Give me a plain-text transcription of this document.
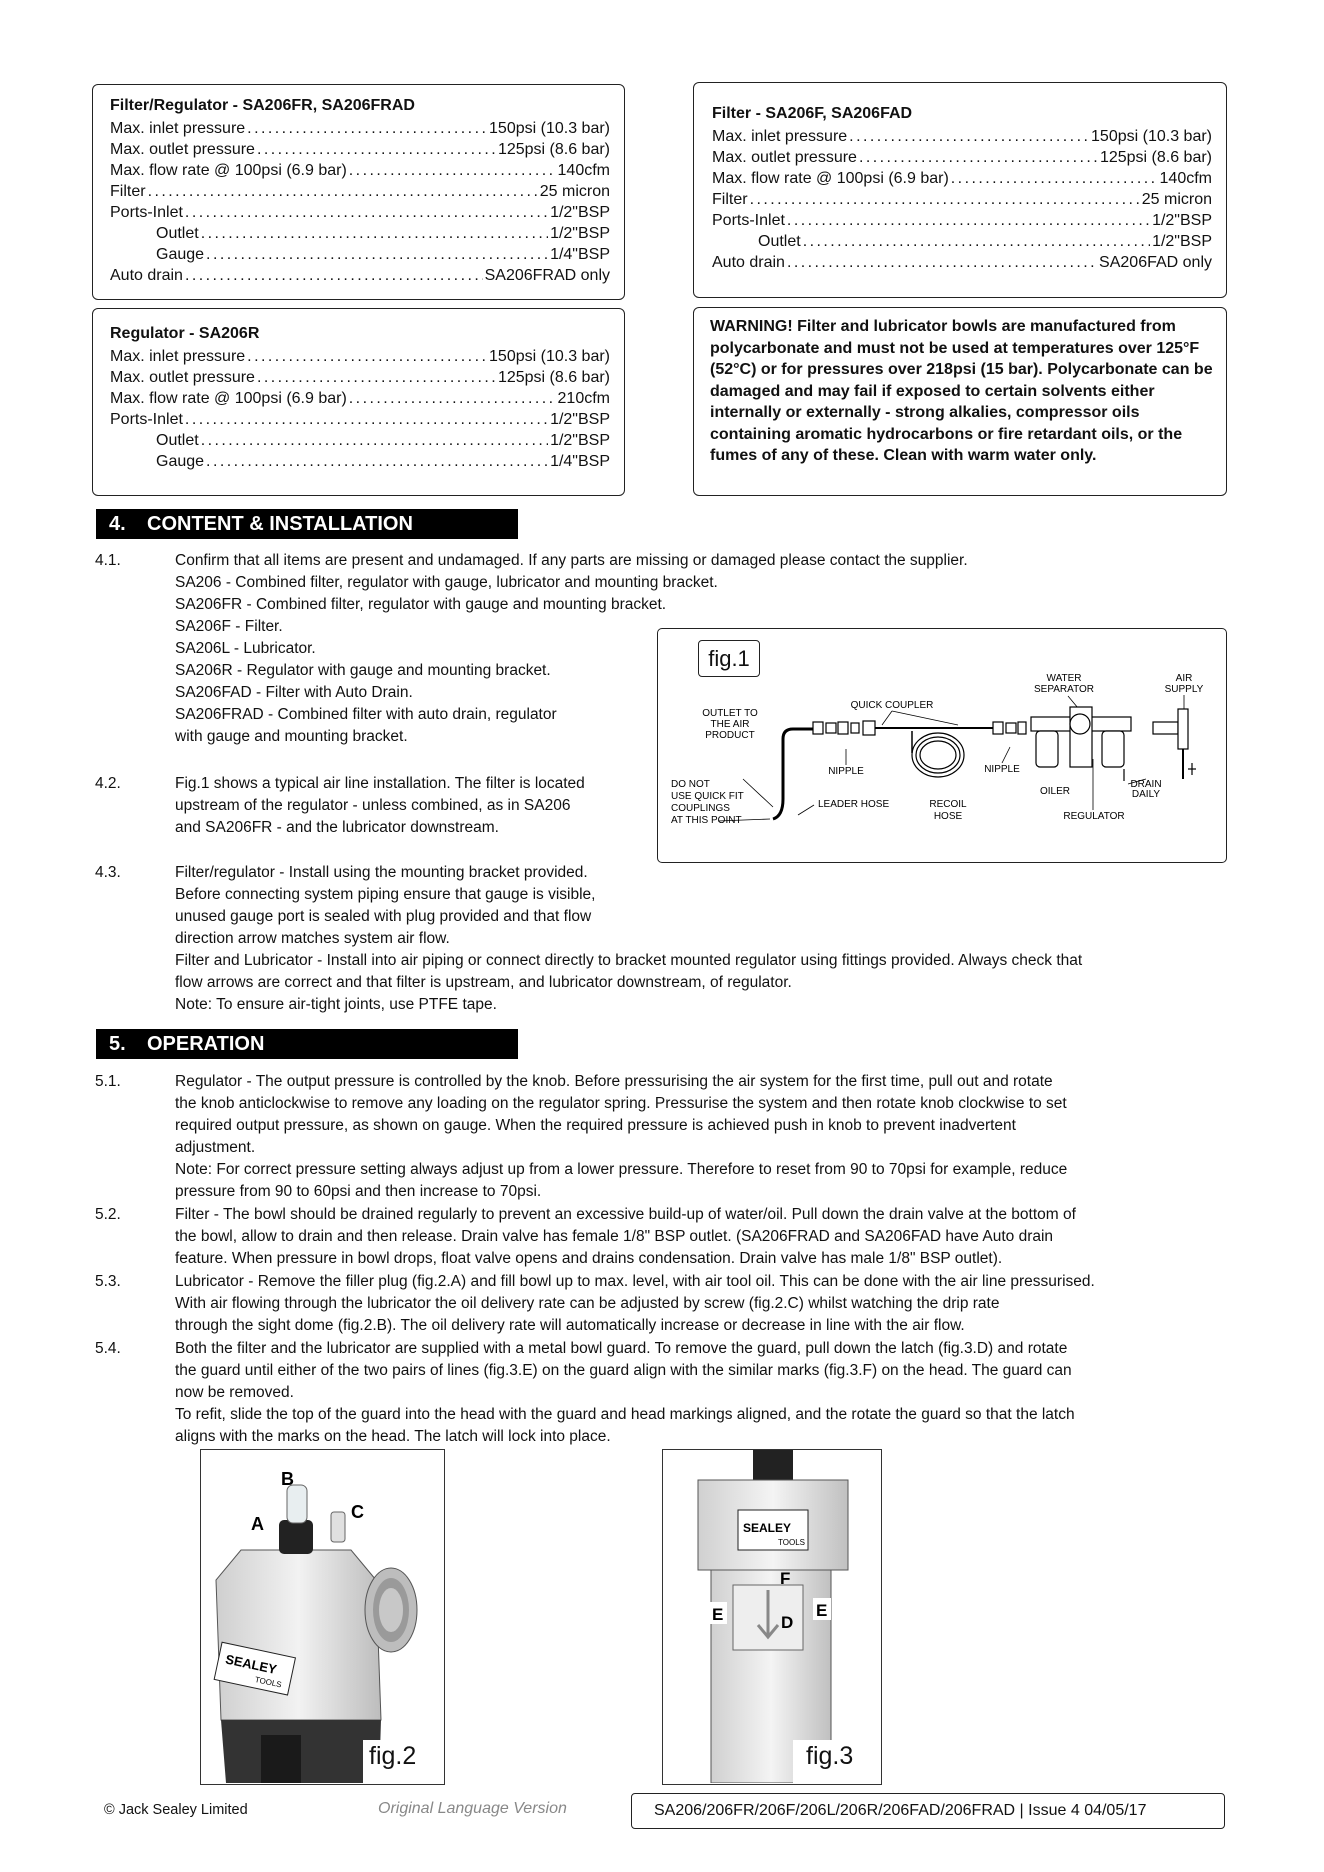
Filter/Regulator - SA206FR, SA206FRAD
Max. inlet pressure . . .	150psi (10.3 bar)
Max. outlet pressure . . .	125psi (8.6 bar)
Max. flow rate @ 100psi (6.9 bar) . . .	140cfm
Filter . . .	25 micron
Ports-Inlet . . .	1/2"BSP
Outlet . . .	1/2"BSP
Gauge . . .	1/4"BSP
Auto drain . . .	SA206FRAD only
Filter - SA206F, SA206FAD
Max. inlet pressure . . .	150psi (10.3 bar)
Max. outlet pressure . . .	125psi (8.6 bar)
Max. flow rate @ 100psi (6.9 bar) . . .	140cfm
Filter . . .	25 micron
Ports-Inlet . . .	1/2"BSP
Outlet . . .	1/2"BSP
Auto drain . . .	SA206FAD only
Regulator - SA206R
Max. inlet pressure . . .	150psi (10.3 bar)
Max. outlet pressure . . .	125psi (8.6 bar)
Max. flow rate @ 100psi (6.9 bar) . . .	210cfm
Ports-Inlet . . .	1/2"BSP
Outlet . . .	1/2"BSP
Gauge . . .	1/4"BSP
WARNING! Filter and lubricator bowls are manufactured from polycarbonate and must not be used at temperatures over 125°F (52°C) or for pressures over 218psi (15 bar). Polycarbonate can be damaged and may fail if exposed to certain solvents either internally or externally - strong alkalies, compressor oils containing aromatic hydrocarbons or fire retardant oils, or the fumes of any of these. Clean with warm water only.
4. CONTENT & INSTALLATION
4.1.	Confirm that all items are present and undamaged. If any parts are missing or damaged please contact the supplier.
SA206 - Combined filter, regulator with gauge, lubricator and mounting bracket.
SA206FR - Combined filter, regulator with gauge and mounting bracket.
SA206F - Filter.
SA206L - Lubricator.
SA206R - Regulator with gauge and mounting bracket.
SA206FAD - Filter with Auto Drain.
SA206FRAD - Combined filter with auto drain, regulator
with gauge and mounting bracket.
4.2.	Fig.1 shows a typical air line installation. The filter is located
upstream of the regulator - unless combined, as in SA206
and SA206FR - and the lubricator downstream.
4.3.	Filter/regulator - Install using the mounting bracket provided.
Before connecting system piping ensure that gauge is visible,
unused gauge port is sealed with plug provided and that flow
direction arrow matches system air flow.
Filter and Lubricator - Install into air piping or connect directly to bracket mounted regulator using fittings provided. Always check that
flow arrows are correct and that filter is upstream, and lubricator downstream, of regulator.
Note: To ensure air-tight joints, use PTFE tape.
fig.1
OUTLET TO THE AIR PRODUCT
QUICK COUPLER
WATER SEPARATOR
AIR SUPPLY
NIPPLE	NIPPLE
DO NOT USE QUICK FIT COUPLINGS AT THIS POINT
LEADER HOSE	RECOIL HOSE
OILER
DRAIN DAILY
REGULATOR
5. OPERATION
5.1.	Regulator - The output pressure is controlled by the knob. Before pressurising the air system for the first time, pull out and rotate
the knob anticlockwise to remove any loading on the regulator spring. Pressurise the system and then rotate knob clockwise to set
required output pressure, as shown on gauge. When the required pressure is achieved push in knob to prevent inadvertent
adjustment.
Note: For correct pressure setting always adjust up from a lower pressure. Therefore to reset from 90 to 70psi for example, reduce
pressure from 90 to 60psi and then increase to 70psi.
5.2.	Filter - The bowl should be drained regularly to prevent an excessive build-up of water/oil. Pull down the drain valve at the bottom of
the bowl, allow to drain and then release. Drain valve has female 1/8" BSP outlet. (SA206FRAD and SA206FAD have Auto drain
feature. When pressure in bowl drops, float valve opens and drains condensation. Drain valve has male 1/8" BSP outlet).
5.3.	Lubricator - Remove the filler plug (fig.2.A) and fill bowl up to max. level, with air tool oil. This can be done with the air line pressurised.
With air flowing through the lubricator the oil delivery rate can be adjusted by screw (fig.2.C) whilst watching the drip rate
through the sight dome (fig.2.B). The oil delivery rate will automatically increase or decrease in line with the air flow.
5.4.	Both the filter and the lubricator are supplied with a metal bowl guard. To remove the guard, pull down the latch (fig.3.D) and rotate
the guard until either of the two pairs of lines (fig.3.E) on the guard align with the similar marks (fig.3.F) on the head. The guard can
now be removed.
To refit, slide the top of the guard into the head with the guard and head markings aligned, and the rotate the guard so that the latch
aligns with the marks on the head. The latch will lock into place.
SEALEY
TOOLS
B
A
C
fig.2
SEALEY
TOOLS
E	E
F
D
fig.3
© Jack Sealey Limited	Original Language Version	SA206/206FR/206F/206L/206R/206FAD/206FRAD | Issue 4 04/05/17
